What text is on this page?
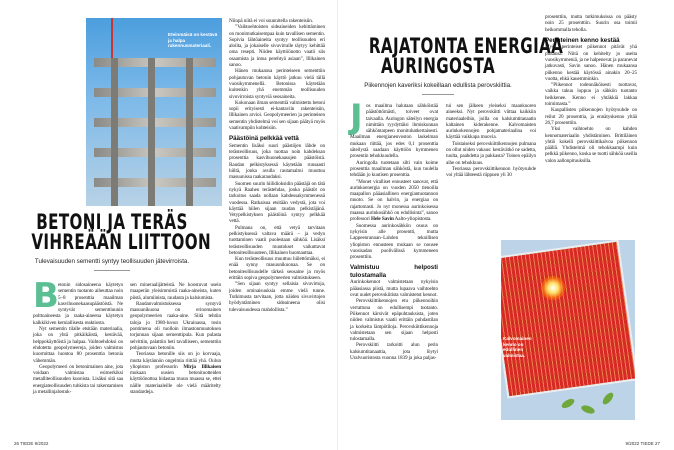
Eteinmäisä on kestävä ja halpa rakennusmateriaali.
BETONI JA TERÄS
VIHREÄÄN LIITTOON
Tulevaisuuden sementti syntyy teollisuuden jätevirroista.
B etonin sidosaineena käytetyn sementin tuotanto aiheuttaa noin 5–8 prosenttia maailman kasvihuonekaasupäästöistä. Ne syntyvät sementtiuunin polttoaineesta ja raaka-aineena käytetyn kalkkikiven kemiallisesta reaktiosta.

Nyt sementin tilalle etsitään materiaalia, joka on yhtä pitkäikäistä, kestävää, helppokäyttöistä ja halpaa. Vaihtoehdoksi on ehdotettu geopolymeereja, joiden valmistus kuormittaa luontoa 80 prosenttia betonia vähemmän.

Geopolymeeri on betonimainen aine, jota voidaan valmistaa esimerkiksi metalliteollisuuden kuonista. Lisäksi sitä saa energiateollisuuden tuhkista tai rakentamisen ja metallinjalostuk-

sen mineraalijätteistä. Ne koostuvat usein maaperän yleisimmistä raaka-aineista, kuten piistä, alumiinista, raudasta ja kalsiumista.

Raudanvalmistuksessa syntyvä masuunikuona on erinomainen geopolymeerien raaka-aine. Siitä tehtiin taloja jo 1980-luvun Ukrainassa, tosin pontimena oli tuolloin ilmastonmuutoksen torjunnan sijaan sementtipula. Kun pulasta selvittiin, palattiin heti tavalliseen, sementtiin pohjautuvaan betoniin.

Teoriassa betonille siis on jo korvaaja, mutta käytännön ongelmia riittää yhä. Oulun yliopiston professorin Mirja Illikaisen mukaan uusien betonituotteiden käyttöönottoa hidastaa muun muassa se, ettei näille materiaaleille ole vielä määritelty standardeja.

Niinpä niitä ei voi suunnitella rakenteisiin.

”Vaihtoehtoisten sideaineiden kehittäminen on monimutkaisempaa kuin tavallisen sementin. Sopivia lähtöaineita syntyy teollisuuden eri aloilta, ja jokaiselle sivuvirralle täytyy kehittää oma resepti. Niiden käyttöönotto vaatii siis osaamista ja intoa perehtyä asiaan”, Illikainen sanoo.

Hänen mukaansa perinteiseen sementtiin pohjautuvan betonin käyttö jatkuu vielä tällä vuosikymmenellä. Betonissa käytetään kuitenkin yhä enemmän teollisuuden sivuvirroista syntyviä seosaineita.

Kokonaan ilman sementtiä valmistettu betoni sopii erityisesti ei-kantaviin rakenteisiin, Illikainen arvioi. Geopolymeerien ja perinteisen sementin yhdistelmä voi sen sijaan päätyä myös vaativampiin kohteisiin.

Päästöinä pelkkää vettä

Sementin lisäksi suuri päästöjen lähde on terästeollisuus, joka tuottaa noin kahdeksan prosenttia kasvihuonekaasujen päästöistä. Raudan pelkistyksessä käytetään runsaasti hiiltä, jonka avulla rautamalmi muuttuu masuunissa raakaraudaksi.

Suomen suurin hiilidioksidin päästäjä on tätä nykyä Raahen terästehdas, jonka päästöt on tarkoitus saada nollaan kahdessakymmenessä vuodessa. Ratkaisua etsitään vedystä, jota voi käyttää hiilen sijaan raudan pelkistäjänä. Vetypelkistyksen päästöinä syntyy pelkkää vettä.

Pulmana on, että vetyä tarvitaan pelkistyksessä valtava määrä – ja vedyn tuottaminen vaatii puolestaan sähköä. Lisäksi terästeollisuuden muutokset vaikuttavat betoniteollisuuteen, Illikainen huomauttaa.

Kun terästeollisuus muuttuu hiilettömäksi, ei enää synny masuunikuonaa. Se on betoniteollisuudelle tärkeä seosaine ja myös erittäin sopiva geopolymeerien valmistukseen.

”Sen sijaan syntyy sellaisia sivuvirtoja, joiden ominaisuuksia emme vielä tunne. Tutkimusta tarvitaan, jotta näiden sivuvirtojen hyödyntäminen sideaineena olisi tulevaisuudessa mahdollista.”

26 TIEDE 9/2022
RAJATONTA ENERGIAA
AURINGOSTA
Piikennojen kaveriksi kokeillaan edullista perovskiittia.
J os maailma halutaan sähköistää päästöttömästi, toiveet ovat taivaalla. Auringon säteilyn energia nimittäin ryydyttäisi ihmiskunnan sähköntarpeen monituhatkertaisesti. Maailman energianeuvoston laskelman mukaan riittää, jos edes 0,1 prosenttia säteilystä saadaan käyttöön kymmenen prosentin tehokkuudella.

Auringolla tuotetaan silti vain koime prosenttia maailman sähköstä, kun tuulella tehdään jo kuutisen prosenttia.

”Monet viralliset ennusteet sanovat, että aurinkoenergia on vuoden 2050 tienoilla maapallon pääasiallinen energiantuotannon muoto. Se on halvin, ja energiaa on rajattomasti. Jo nyt monessa aurinkoisessa maassa aurinkosähkö on edullisinta”, sanoo professori Hele Savin Aalto-yliopistosta.

Suomessa aurinkosähkön osuus on nykyisin alle prosentti, mutta Lappeenrannan–Lahden teknillisen yliopiston ennusteen mukaan se nousee vuosisadan puolivälissä kymmeneen prosenttiin.

Valmistuu helposti tulostamalla

Aurinkokennot valmistetaan nykyisin pääasiassa piistä, mutta lupaava vaihtoehto ovat uudet perovskiitista valmistetut kennot.

Perovskiittikennojen etu piikennoihin verrattuna on edullisempi tuotanto. Piikennot kärsivät epäpuhtauksista, joten niiden valmistus vaatii erittäin puhdastilan ja korkeita lämpötiloja. Perovskiittikennoja valmistetaan sen sijaan helposti tulostamalla.

Perovskiitti tarkoitti alun perin kalsiumtitanaattia, jota löytyi Uralvuoristosta vuonna 1839 ja joka paljas-

tui sen jälkeen yleiseksi maankuoren aineeksi. Nyt perovskiitti viittaa kaikkiin materiaaleihin, joilla on kalsiumtitanaatin kaltainen kiderakenne. Kalvomaisten aurinkokennojen pohjamateriaalina voi käyttää vaikkapa muovia.

Toistaiseksi perovskiittikennojen pulmana on ollut niiden vakaus: kestävätkö ne sadetta, tuulta, paahdetta ja pakkasta? Toinen epäilyn aihe on tehokkuus.

Teoriassa perovskiittikennon hyötysuhde voi yltää lähteestä riippuen yli 30

prosenttiin, mutta tutkimuksissa on päästy noin 25 prosenttiin. Suurin osa toimii heikommalla teholla.

Perinteinen kenno kestää

Myös perinteiset piikennot pitävät yhä pintansa. Niitä on kehitelty jo useita vuosikymmeniä, ja ne halpenevat ja paranevat jatkuvasti, Savin sanoo. Hänen mukaansa piikenno kestää käytössä ainakin 20–25 vuotta, ehkä kauemminkin.

”Piikennot todennäköisesti tuottavat, vaikka takuu loppuu ja sähkön tuotanto heikkenee. Kenno ei yhtäkkiä lakkaa toimimasta.”

Kaupallisten piikennojen hyötysuhde on reilut 20 prosenttia, ja ennätyskenno yltää 26,7 prosenttiin.

Yksi vaihtoehto on kahden kennomateriaalin yhdistäminen. Brittiläinen yhtiö kokeili perovskiittikalvoa piikennon päällä. Yhdistelmä oli tehokkaampi kuin pelkkä piikenno, koska se tuotti sähköä useilla valon aallonpituuksilla.

Kalvomainen kenno on edullinen valmistaa.
9/2022 TIEDE 27
